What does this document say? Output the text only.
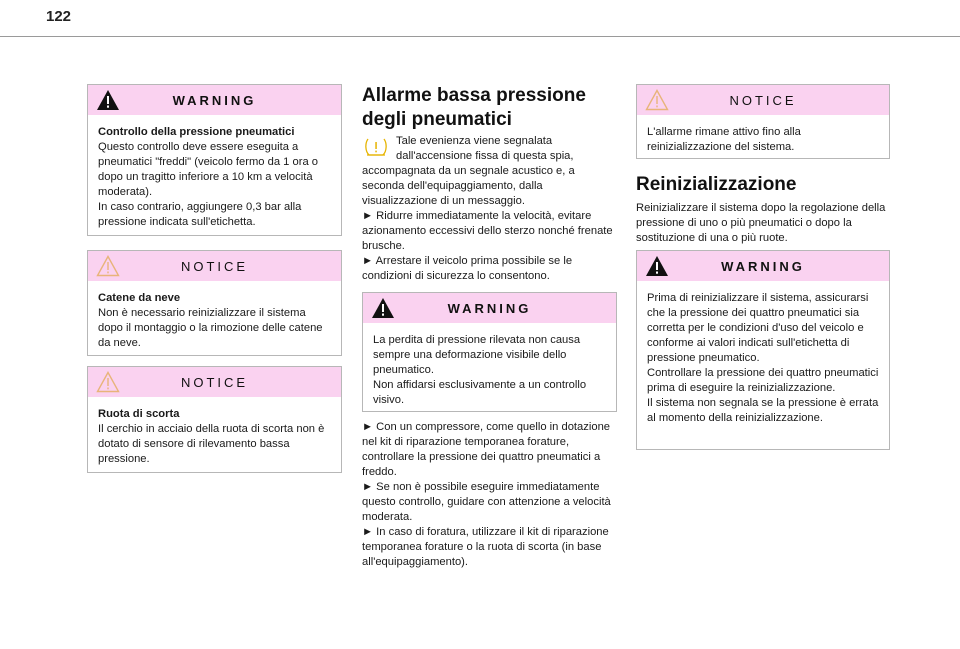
122
WARNING

Controllo della pressione pneumatici

Questo controllo deve essere eseguita a pneumatici "freddi" (veicolo fermo da 1 ora o dopo un tragitto inferiore a 10 km a velocità moderata).
In caso contrario, aggiungere 0,3 bar alla pressione indicata sull'etichetta.

NOTICE

Catene da neve

Non è necessario reinizializzare il sistema dopo il montaggio o la rimozione delle catene da neve.

NOTICE

Ruota di scorta

Il cerchio in acciaio della ruota di scorta non è dotato di sensore di rilevamento bassa pressione.

Allarme bassa pressione degli pneumatici
Tale evenienza viene segnalata
dall'accensione fissa di questa spia,
accompagnata da un segnale acustico e, a seconda dell'equipaggiamento, dalla visualizzazione di un messaggio.
► Ridurre immediatamente la velocità, evitare azionamento eccessivi dello sterzo nonché frenate brusche.
► Arrestare il veicolo prima possibile se le condizioni di sicurezza lo consentono.
WARNING

La perdita di pressione rilevata non causa sempre una deformazione visibile dello pneumatico.
Non affidarsi esclusivamente a un controllo visivo.

► Con un compressore, come quello in dotazione nel kit di riparazione temporanea forature, controllare la pressione dei quattro pneumatici a freddo.
► Se non è possibile eseguire immediatamente questo controllo, guidare con attenzione a velocità moderata.
► In caso di foratura, utilizzare il kit di riparazione temporanea forature o la ruota di scorta (in base all'equipaggiamento).
NOTICE

L'allarme rimane attivo fino alla reinizializzazione del sistema.

Reinizializzazione

Reinizializzare il sistema dopo la regolazione della pressione di uno o più pneumatici o dopo la sostituzione di una o più ruote.

WARNING

Prima di reinizializzare il sistema, assicurarsi che la pressione dei quattro pneumatici sia corretta per le condizioni d'uso del veicolo e conforme ai valori indicati sull'etichetta di pressione pneumatico.
Controllare la pressione dei quattro pneumatici prima di eseguire la reinizializzazione.
Il sistema non segnala se la pressione è errata al momento della reinizializzazione.
